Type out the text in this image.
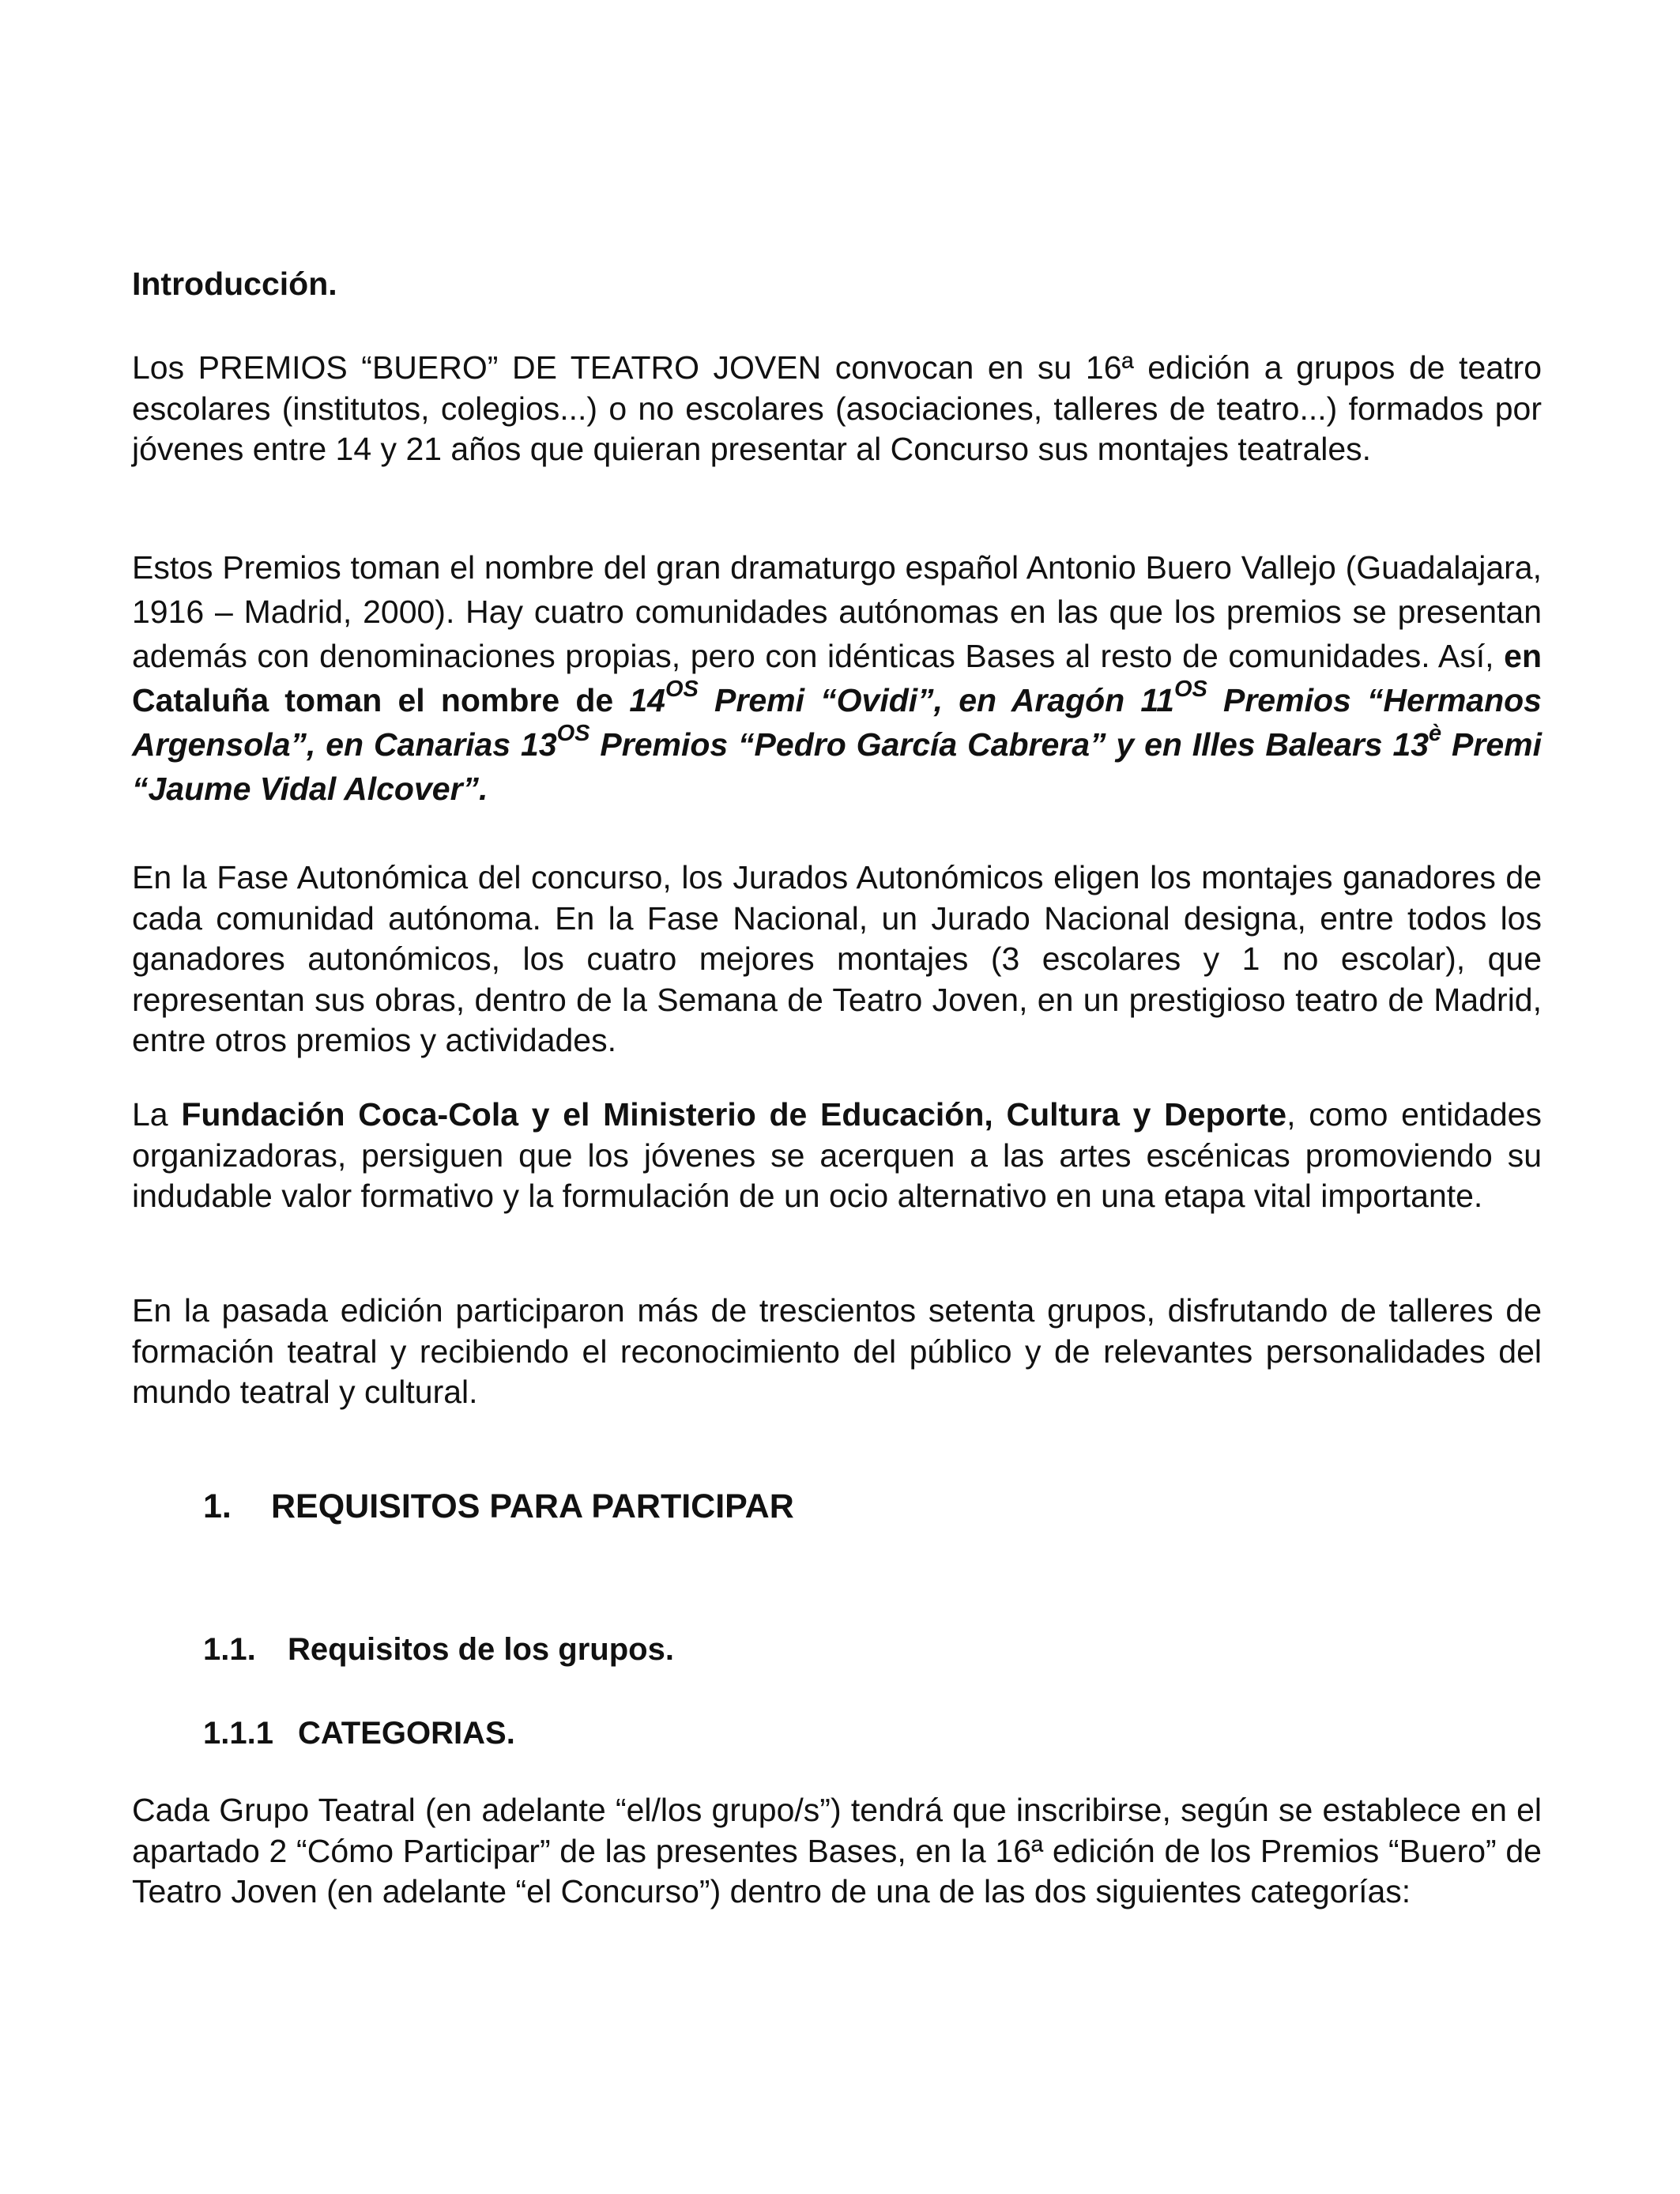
Introducción.

Los PREMIOS “BUERO” DE TEATRO JOVEN convocan en su 16ª edición a grupos de teatro escolares (institutos, colegios...) o no escolares (asociaciones, talleres de teatro...) formados por jóvenes entre 14 y 21 años que quieran presentar al Concurso sus montajes teatrales.

Estos Premios toman el nombre del gran dramaturgo español Antonio Buero Vallejo (Guadalajara, 1916 – Madrid, 2000). Hay cuatro comunidades autónomas en las que los premios se presentan además con denominaciones propias, pero con idénticas Bases al resto de comunidades. Así, en Cataluña toman el nombre de $14^{OS}$ Premi “Ovidi”, en Aragón $11^{OS}$ Premios “Hermanos Argensola”, en Canarias $13^{OS}$ Premios “Pedro García Cabrera” y en Illes Balears $13^è$ Premi “Jaume Vidal Alcover”.

En la Fase Autonómica del concurso, los Jurados Autonómicos eligen los montajes ganadores de cada comunidad autónoma. En la Fase Nacional, un Jurado Nacional designa, entre todos los ganadores autonómicos, los cuatro mejores montajes (3 escolares y 1 no escolar), que representan sus obras, dentro de la Semana de Teatro Joven, en un prestigioso teatro de Madrid, entre otros premios y actividades.

La Fundación Coca-Cola y el Ministerio de Educación, Cultura y Deporte, como entidades organizadoras, persiguen que los jóvenes se acerquen a las artes escénicas promoviendo su indudable valor formativo y la formulación de un ocio alternativo en una etapa vital importante.

En la pasada edición participaron más de trescientos setenta grupos, disfrutando de talleres de formación teatral y recibiendo el reconocimiento del público y de relevantes personalidades del mundo teatral y cultural.

1. REQUISITOS PARA PARTICIPAR
1.1. Requisitos de los grupos.
1.1.1 CATEGORIAS.

Cada Grupo Teatral (en adelante “el/los grupo/s”) tendrá que inscribirse, según se establece en el apartado 2 “Cómo Participar” de las presentes Bases, en la 16ª edición de los Premios “Buero” de Teatro Joven (en adelante “el Concurso”) dentro de una de las dos siguientes categorías:
